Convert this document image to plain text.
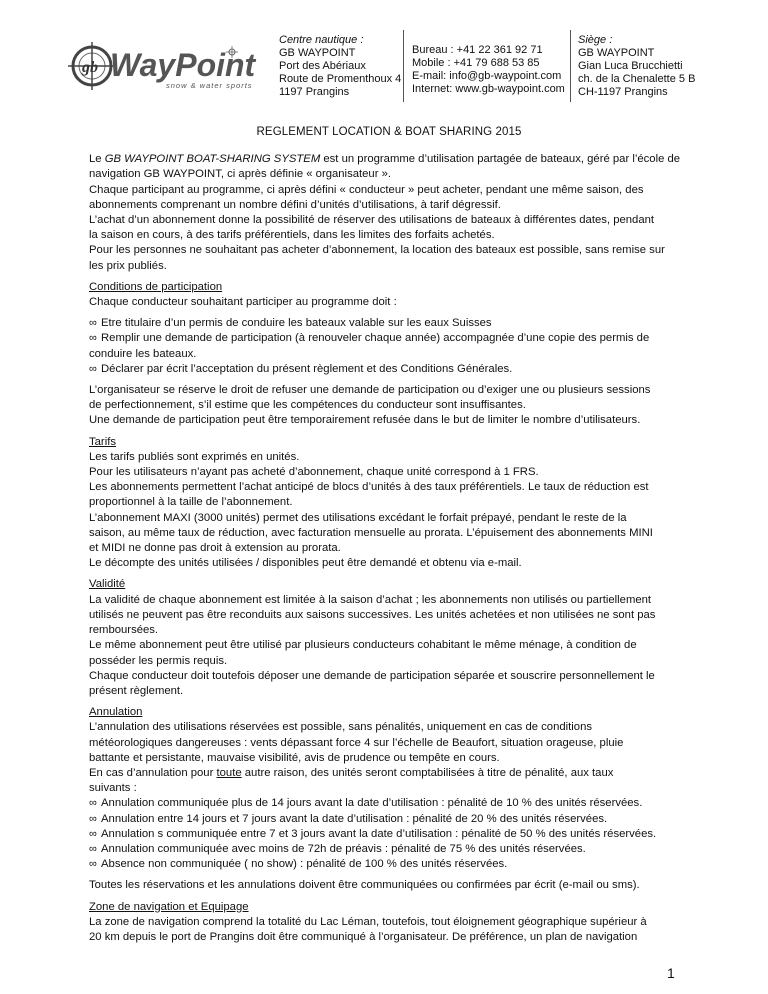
gb WayPoint
snow & water sports
Centre nautique :
GB WAYPOINT
Port des Abériaux
Route de Promenthoux 4
1197 Prangins
Bureau : +41 22 361 92 71
Mobile : +41 79 688 53 85
E-mail: info@gb-waypoint.com
Internet: www.gb-waypoint.com
Siège :
GB WAYPOINT
Gian Luca Brucchietti
ch. de la Chenalette 5 B
CH-1197 Prangins
REGLEMENT LOCATION & BOAT SHARING 2015

Le GB WAYPOINT BOAT-SHARING SYSTEM est un programme d’utilisation partagée de bateaux, géré par l’école de
navigation GB WAYPOINT, ci après définie « organisateur ».
Chaque participant au programme, ci après défini « conducteur » peut acheter, pendant une même saison, des
abonnements comprenant un nombre défini d’unités d’utilisations, à tarif dégressif.
L’achat d’un abonnement donne la possibilité de réserver des utilisations de bateaux à différentes dates, pendant
la saison en cours, à des tarifs préférentiels, dans les limites des forfaits achetés.
Pour les personnes ne souhaitant pas acheter d’abonnement, la location des bateaux est possible, sans remise sur
les prix publiés.

Conditions de participation

Chaque conducteur souhaitant participer au programme doit :
∞ Etre titulaire d’un permis de conduire les bateaux valable sur les eaux Suisses
∞ Remplir une demande de participation (à renouveler chaque année) accompagnée d’une copie des permis de
conduire les bateaux.
∞ Déclarer par écrit l’acceptation du présent règlement et des Conditions Générales.

L’organisateur se réserve le droit de refuser une demande de participation ou d’exiger une ou plusieurs sessions
de perfectionnement, s’il estime que les compétences du conducteur sont insuffisantes.
Une demande de participation peut être temporairement refusée dans le but de limiter le nombre d’utilisateurs.

Tarifs

Les tarifs publiés sont exprimés en unités.
Pour les utilisateurs n’ayant pas acheté d’abonnement, chaque unité correspond à 1 FRS.
Les abonnements permettent l’achat anticipé de blocs d’unités à des taux préférentiels. Le taux de réduction est
proportionnel à la taille de l’abonnement.
L’abonnement MAXI (3000 unités) permet des utilisations excédant le forfait prépayé, pendant le reste de la
saison, au même taux de réduction, avec facturation mensuelle au prorata. L’épuisement des abonnements MINI
et MIDI ne donne pas droit à extension au prorata.
Le décompte des unités utilisées / disponibles peut être demandé et obtenu via e-mail.

Validité

La validité de chaque abonnement est limitée à la saison d’achat ; les abonnements non utilisés ou partiellement
utilisés ne peuvent pas être reconduits aux saisons successives. Les unités achetées et non utilisées ne sont pas
remboursées.
Le même abonnement peut être utilisé par plusieurs conducteurs cohabitant le même ménage, à condition de
posséder les permis requis.
Chaque conducteur doit toutefois déposer une demande de participation séparée et souscrire personnellement le
présent règlement.

Annulation

L’annulation des utilisations réservées est possible, sans pénalités, uniquement en cas de conditions
météorologiques dangereuses : vents dépassant force 4 sur l’échelle de Beaufort, situation orageuse, pluie
battante et persistante, mauvaise visibilité, avis de prudence ou tempête en cours.
En cas d’annulation pour toute autre raison, des unités seront comptabilisées à titre de pénalité, aux taux
suivants :
∞ Annulation communiquée plus de 14 jours avant la date d’utilisation : pénalité de 10 % des unités réservées.
∞ Annulation entre 14 jours et 7 jours avant la date d’utilisation : pénalité de 20 % des unités réservées.
∞ Annulation s communiquée entre 7 et 3 jours avant la date d’utilisation : pénalité de 50 % des unités réservées.
∞ Annulation communiquée avec moins de 72h de préavis : pénalité de 75 % des unités réservées.
∞ Absence non communiquée ( no show) : pénalité de 100 % des unités réservées.

Toutes les réservations et les annulations doivent être communiquées ou confirmées par écrit (e-mail ou sms).

Zone de navigation et Equipage

La zone de navigation comprend la totalité du Lac Léman, toutefois, tout éloignement géographique supérieur à
20 km depuis le port de Prangins doit être communiqué à l’organisateur. De préférence, un plan de navigation

1
